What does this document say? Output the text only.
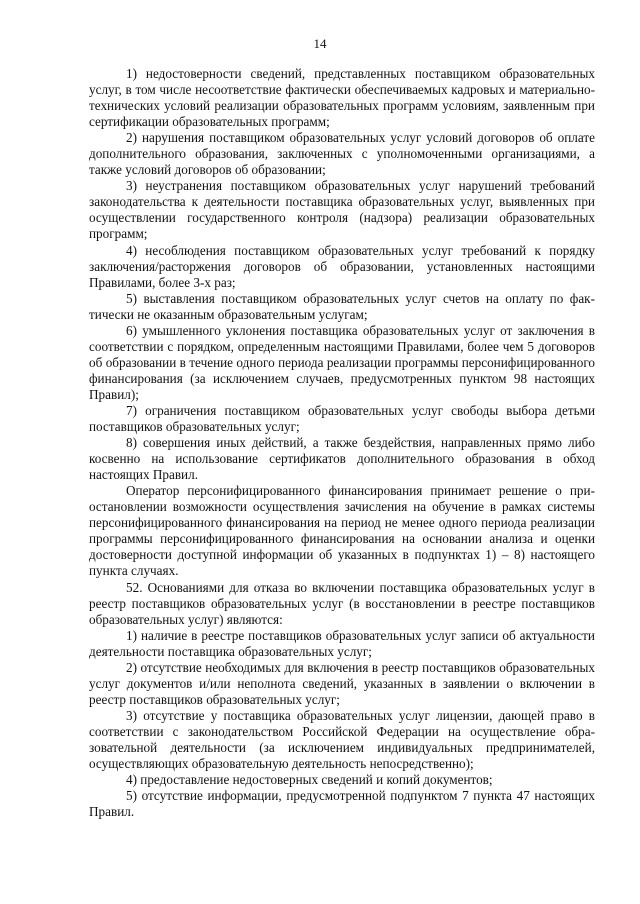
14

1) недостоверности сведений, представленных поставщиком образовательных услуг, в том числе несоответствие фактически обеспечиваемых кадровых и материально-технических условий реализации образовательных программ условиям, заявленным при сертификации образовательных программ;

2) нарушения поставщиком образовательных услуг условий договоров об оплате дополнительного образования, заключенных с уполномоченными организациями, а также условий договоров об образовании;

3) неустранения поставщиком образовательных услуг нарушений требований законодательства к деятельности поставщика образовательных услуг, выявленных при осуществлении государственного контроля (надзора) реализации образовательных программ;

4) несоблюдения поставщиком образовательных услуг требований к порядку заключения/расторжения договоров об образовании, установленных настоящими Правилами, более 3-х раз;

5) выставления поставщиком образовательных услуг счетов на оплату по фактически не оказанным образовательным услугам;

6) умышленного уклонения поставщика образовательных услуг от заключения в соответствии с порядком, определенным настоящими Правилами, более чем 5 договоров об образовании в течение одного периода реализации программы персонифицированного финансирования (за исключением случаев, предусмотренных пунктом 98 настоящих Правил);

7) ограничения поставщиком образовательных услуг свободы выбора детьми поставщиков образовательных услуг;

8) совершения иных действий, а также бездействия, направленных прямо либо косвенно на использование сертификатов дополнительного образования в обход настоящих Правил.

Оператор персонифицированного финансирования принимает решение о приостановлении возможности осуществления зачисления на обучение в рамках системы персонифицированного финансирования на период не менее одного периода реализации программы персонифицированного финансирования на основании анализа и оценки достоверности доступной информации об указанных в подпунктах 1) – 8) настоящего пункта случаях.

52. Основаниями для отказа во включении поставщика образовательных услуг в реестр поставщиков образовательных услуг (в восстановлении в реестре поставщиков образовательных услуг) являются:

1) наличие в реестре поставщиков образовательных услуг записи об актуальности деятельности поставщика образовательных услуг;

2) отсутствие необходимых для включения в реестр поставщиков образовательных услуг документов и/или неполнота сведений, указанных в заявлении о включении в реестр поставщиков образовательных услуг;

3) отсутствие у поставщика образовательных услуг лицензии, дающей право в соответствии с законодательством Российской Федерации на осуществление образовательной деятельности (за исключением индивидуальных предпринимателей, осуществляющих образовательную деятельность непосредственно);

4) предоставление недостоверных сведений и копий документов;

5) отсутствие информации, предусмотренной подпунктом 7 пункта 47 настоящих Правил.
